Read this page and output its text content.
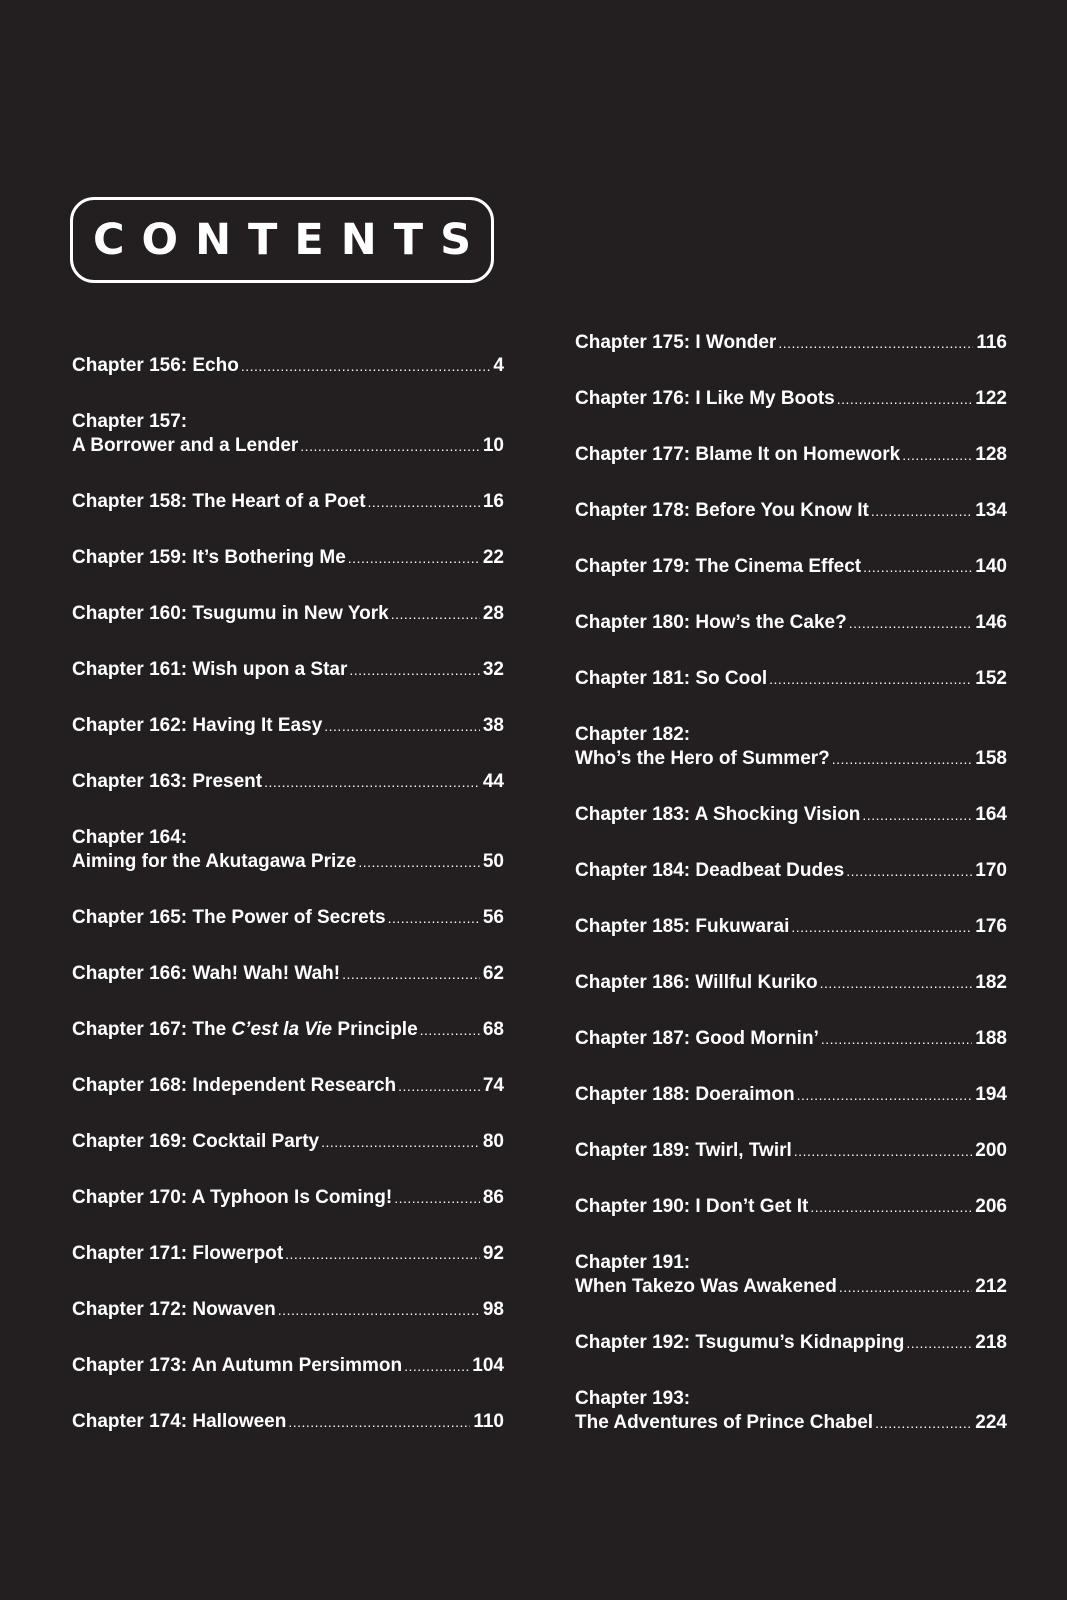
CONTENTS
Chapter 156: Echo .....	4
Chapter 157:
A Borrower and a Lender .....	10
Chapter 158: The Heart of a Poet .....	16
Chapter 159: It’s Bothering Me .....	22
Chapter 160: Tsugumu in New York .....	28
Chapter 161: Wish upon a Star .....	32
Chapter 162: Having It Easy .....	38
Chapter 163: Present .....	44
Chapter 164:
Aiming for the Akutagawa Prize .....	50
Chapter 165: The Power of Secrets .....	56
Chapter 166: Wah! Wah! Wah! .....	62
Chapter 167: The C’est la Vie Principle .....	68
Chapter 168: Independent Research .....	74
Chapter 169: Cocktail Party .....	80
Chapter 170: A Typhoon Is Coming! .....	86
Chapter 171: Flowerpot .....	92
Chapter 172: Nowaven .....	98
Chapter 173: An Autumn Persimmon .....	104
Chapter 174: Halloween .....	110
Chapter 175: I Wonder .....	116
Chapter 176: I Like My Boots .....	122
Chapter 177: Blame It on Homework .....	128
Chapter 178: Before You Know It .....	134
Chapter 179: The Cinema Effect .....	140
Chapter 180: How’s the Cake? .....	146
Chapter 181: So Cool .....	152
Chapter 182:
Who’s the Hero of Summer? .....	158
Chapter 183: A Shocking Vision .....	164
Chapter 184: Deadbeat Dudes .....	170
Chapter 185: Fukuwarai .....	176
Chapter 186: Willful Kuriko .....	182
Chapter 187: Good Mornin’ .....	188
Chapter 188: Doeraimon .....	194
Chapter 189: Twirl, Twirl .....	200
Chapter 190: I Don’t Get It .....	206
Chapter 191:
When Takezo Was Awakened .....	212
Chapter 192: Tsugumu’s Kidnapping .....	218
Chapter 193:
The Adventures of Prince Chabel .....	224
